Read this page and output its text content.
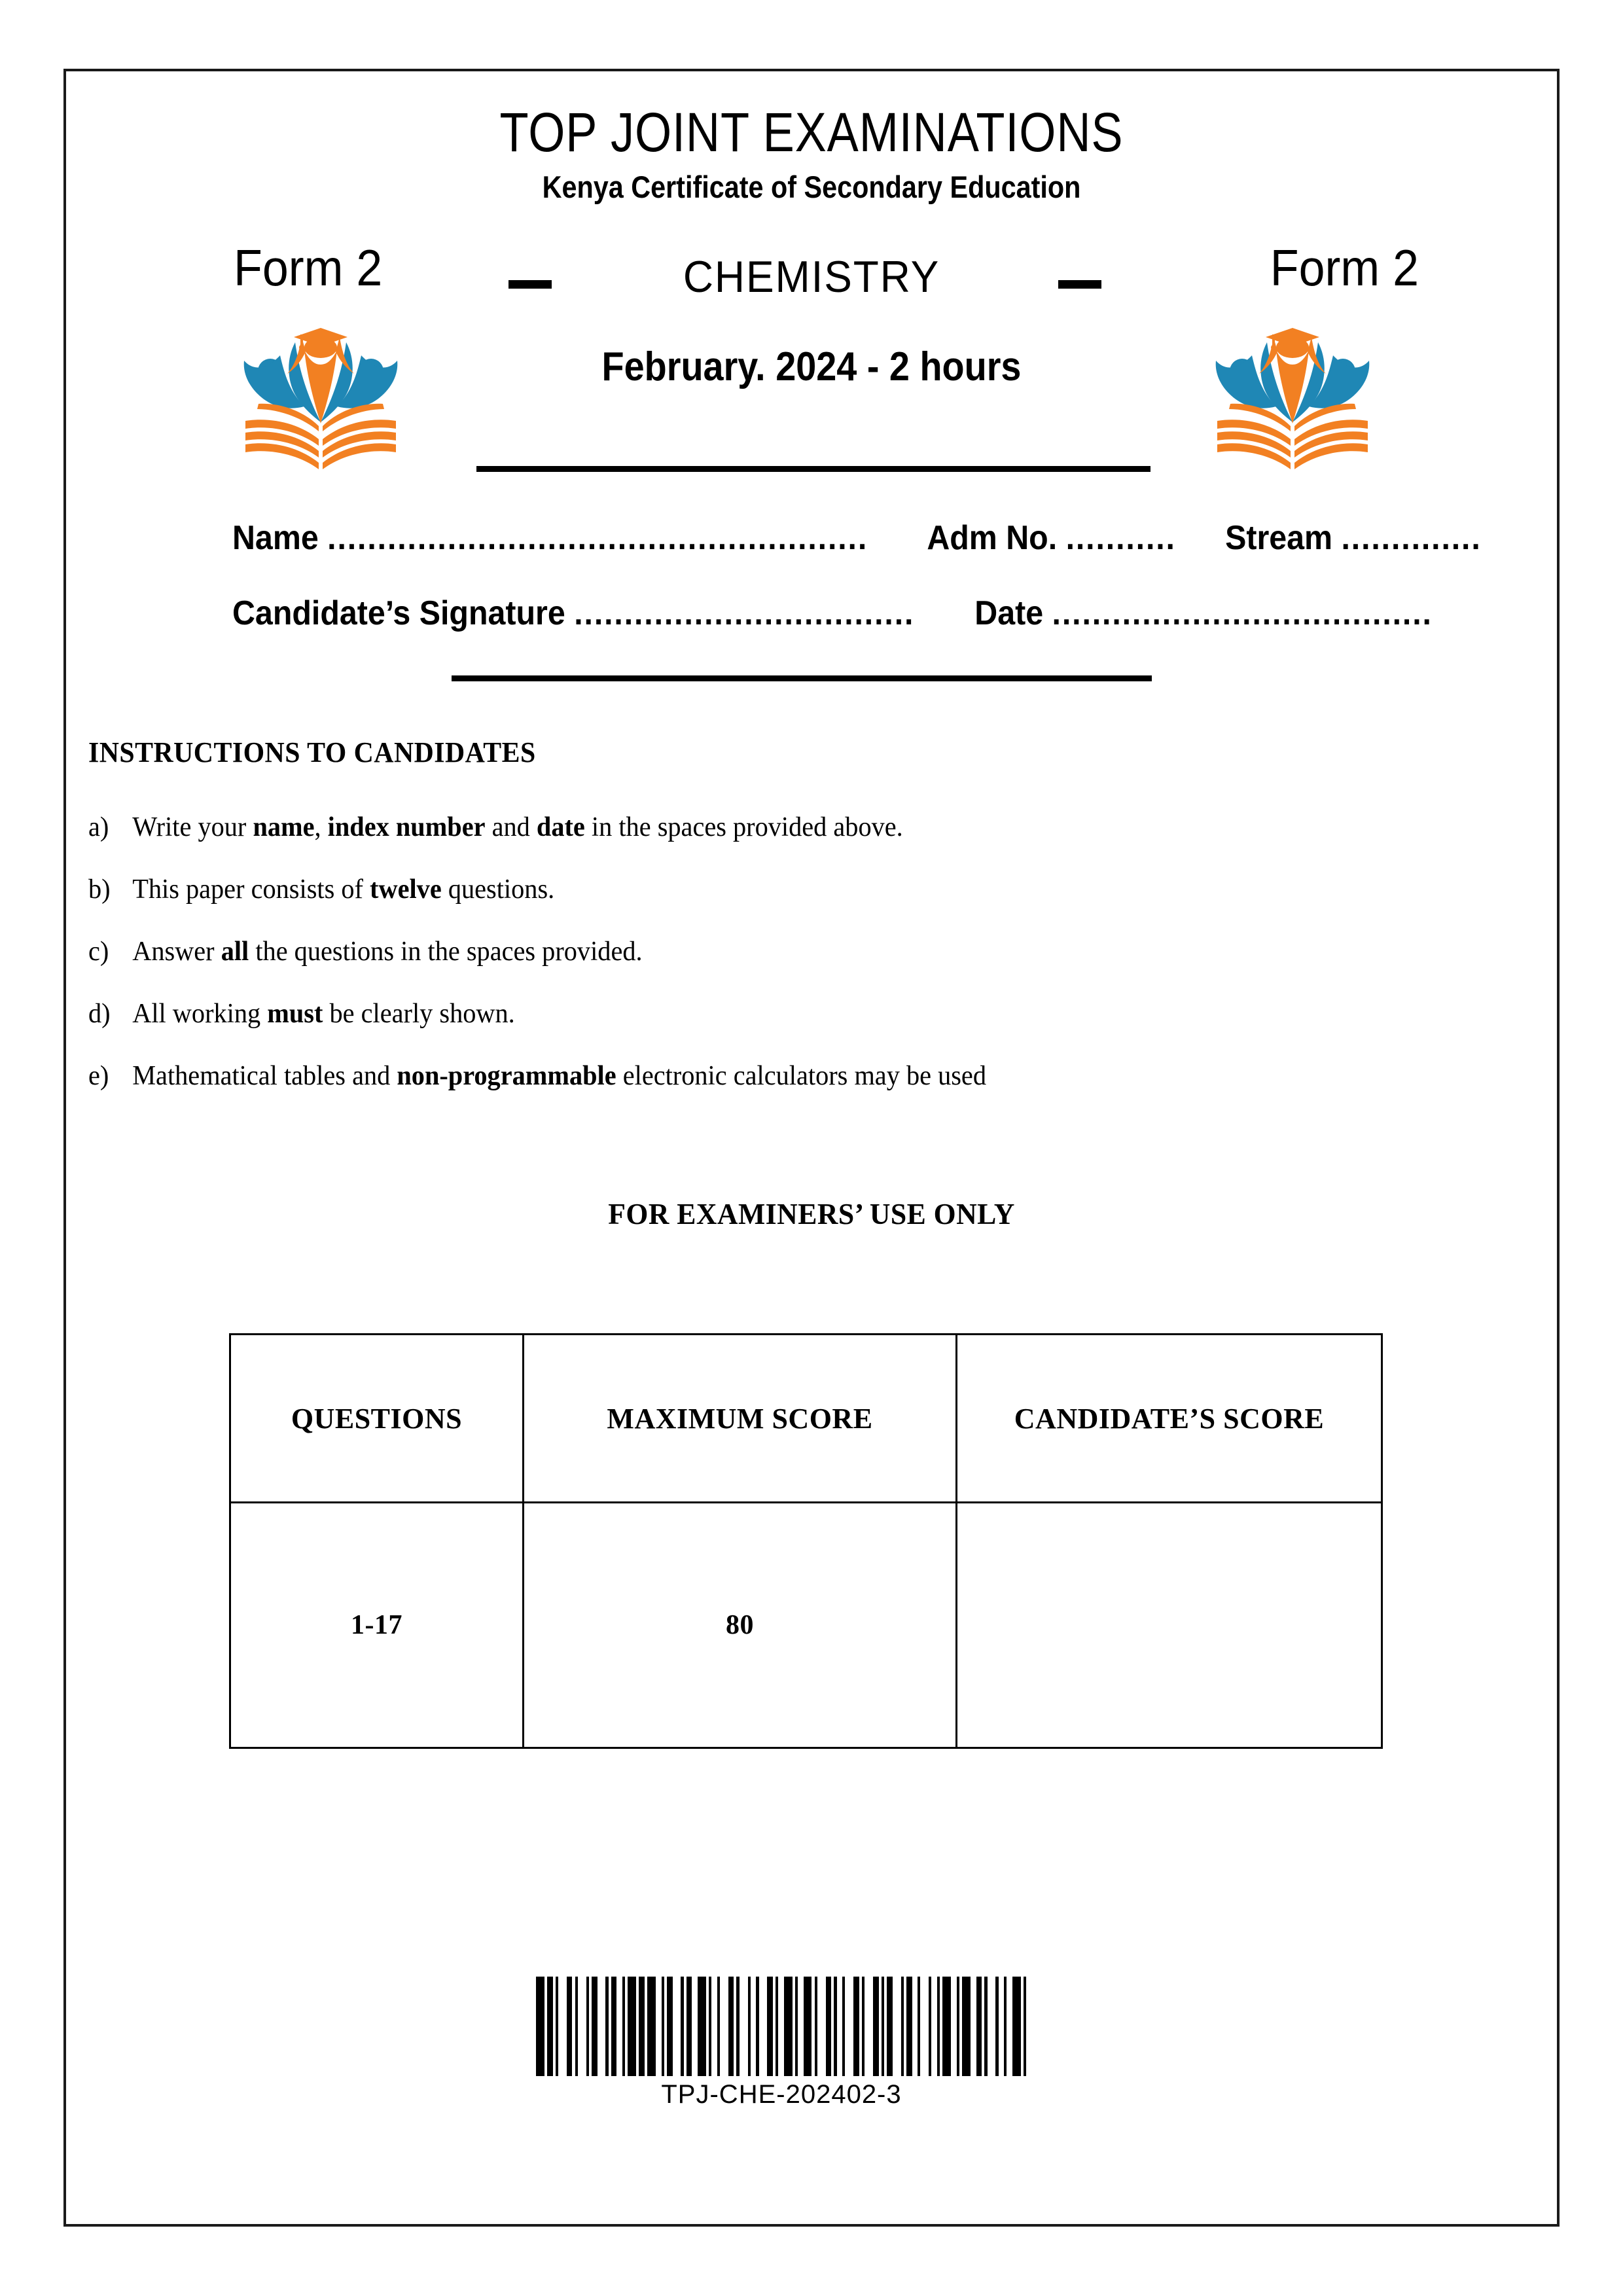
TOP JOINT EXAMINATIONS
Kenya Certificate of Secondary Education
Form 2	CHEMISTRY	Form 2
February. 2024 - 2 hours
Name ...................................................... Adm No. ........... Stream ..............
Candidate’s Signature .................................. Date ......................................
INSTRUCTIONS TO CANDIDATES
a) Write your name, index number and date in the spaces provided above.
b) This paper consists of twelve questions.
c) Answer all the questions in the spaces provided.
d) All working must be clearly shown.
e) Mathematical tables and non-programmable electronic calculators may be used
FOR EXAMINERS’ USE ONLY
QUESTIONS	MAXIMUM SCORE	CANDIDATE’S SCORE
1-17	80	
TPJ-CHE-202402-3
